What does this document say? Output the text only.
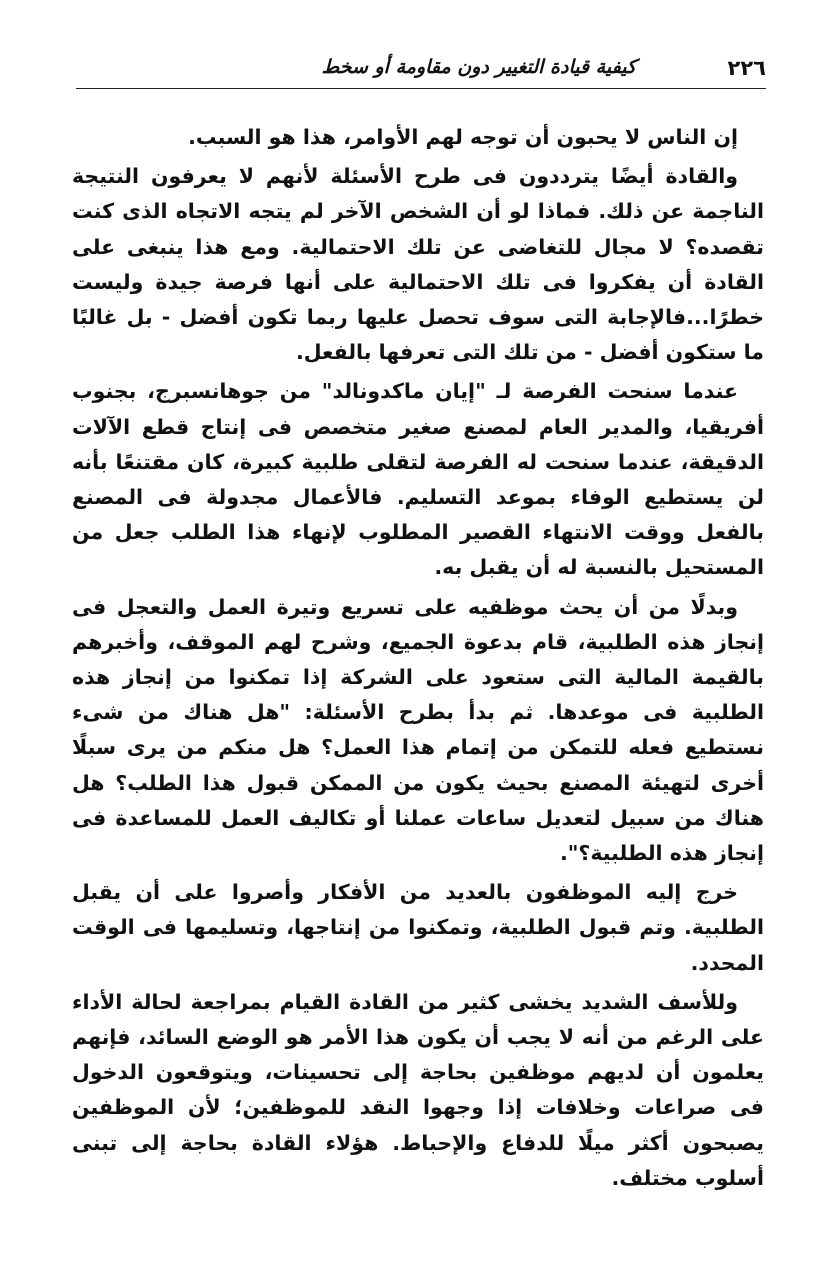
٢٢٦
كيفية قيادة التغيير دون مقاومة أو سخط

إن الناس لا يحبون أن توجه لهم الأوامر، هذا هو السبب.

والقادة أيضًا يترددون فى طرح الأسئلة لأنهم لا يعرفون النتيجة الناجمة عن ذلك. فماذا لو أن الشخص الآخر لم يتجه الاتجاه الذى كنت تقصده؟ لا مجال للتغاضى عن تلك الاحتمالية. ومع هذا ينبغى على القادة أن يفكروا فى تلك الاحتمالية على أنها فرصة جيدة وليست خطرًا...فالإجابة التى سوف تحصل عليها ربما تكون أفضل - بل غالبًا ما ستكون أفضل - من تلك التى تعرفها بالفعل.

عندما سنحت الفرصة لـ "إيان ماكدونالد" من جوهانسبرج، بجنوب أفريقيا، والمدير العام لمصنع صغير متخصص فى إنتاج قطع الآلات الدقيقة، عندما سنحت له الفرصة لتقلى طلبية كبيرة، كان مقتنعًا بأنه لن يستطيع الوفاء بموعد التسليم. فالأعمال مجدولة فى المصنع بالفعل ووقت الانتهاء القصير المطلوب لإنهاء هذا الطلب جعل من المستحيل بالنسبة له أن يقبل به.

وبدلًا من أن يحث موظفيه على تسريع وتيرة العمل والتعجل فى إنجاز هذه الطلبية، قام بدعوة الجميع، وشرح لهم الموقف، وأخبرهم بالقيمة المالية التى ستعود على الشركة إذا تمكنوا من إنجاز هذه الطلبية فى موعدها. ثم بدأ بطرح الأسئلة: "هل هناك من شىء نستطيع فعله للتمكن من إتمام هذا العمل؟ هل منكم من يرى سبلًا أخرى لتهيئة المصنع بحيث يكون من الممكن قبول هذا الطلب؟ هل هناك من سبيل لتعديل ساعات عملنا أو تكاليف العمل للمساعدة فى إنجاز هذه الطلبية؟".

خرج إليه الموظفون بالعديد من الأفكار وأصروا على أن يقبل الطلبية. وتم قبول الطلبية، وتمكنوا من إنتاجها، وتسليمها فى الوقت المحدد.

وللأسف الشديد يخشى كثير من القادة القيام بمراجعة لحالة الأداء على الرغم من أنه لا يجب أن يكون هذا الأمر هو الوضع السائد، فإنهم يعلمون أن لديهم موظفين بحاجة إلى تحسينات، ويتوقعون الدخول فى صراعات وخلافات إذا وجهوا النقد للموظفين؛ لأن الموظفين يصبحون أكثر ميلًا للدفاع والإحباط. هؤلاء القادة بحاجة إلى تبنى أسلوب مختلف.
